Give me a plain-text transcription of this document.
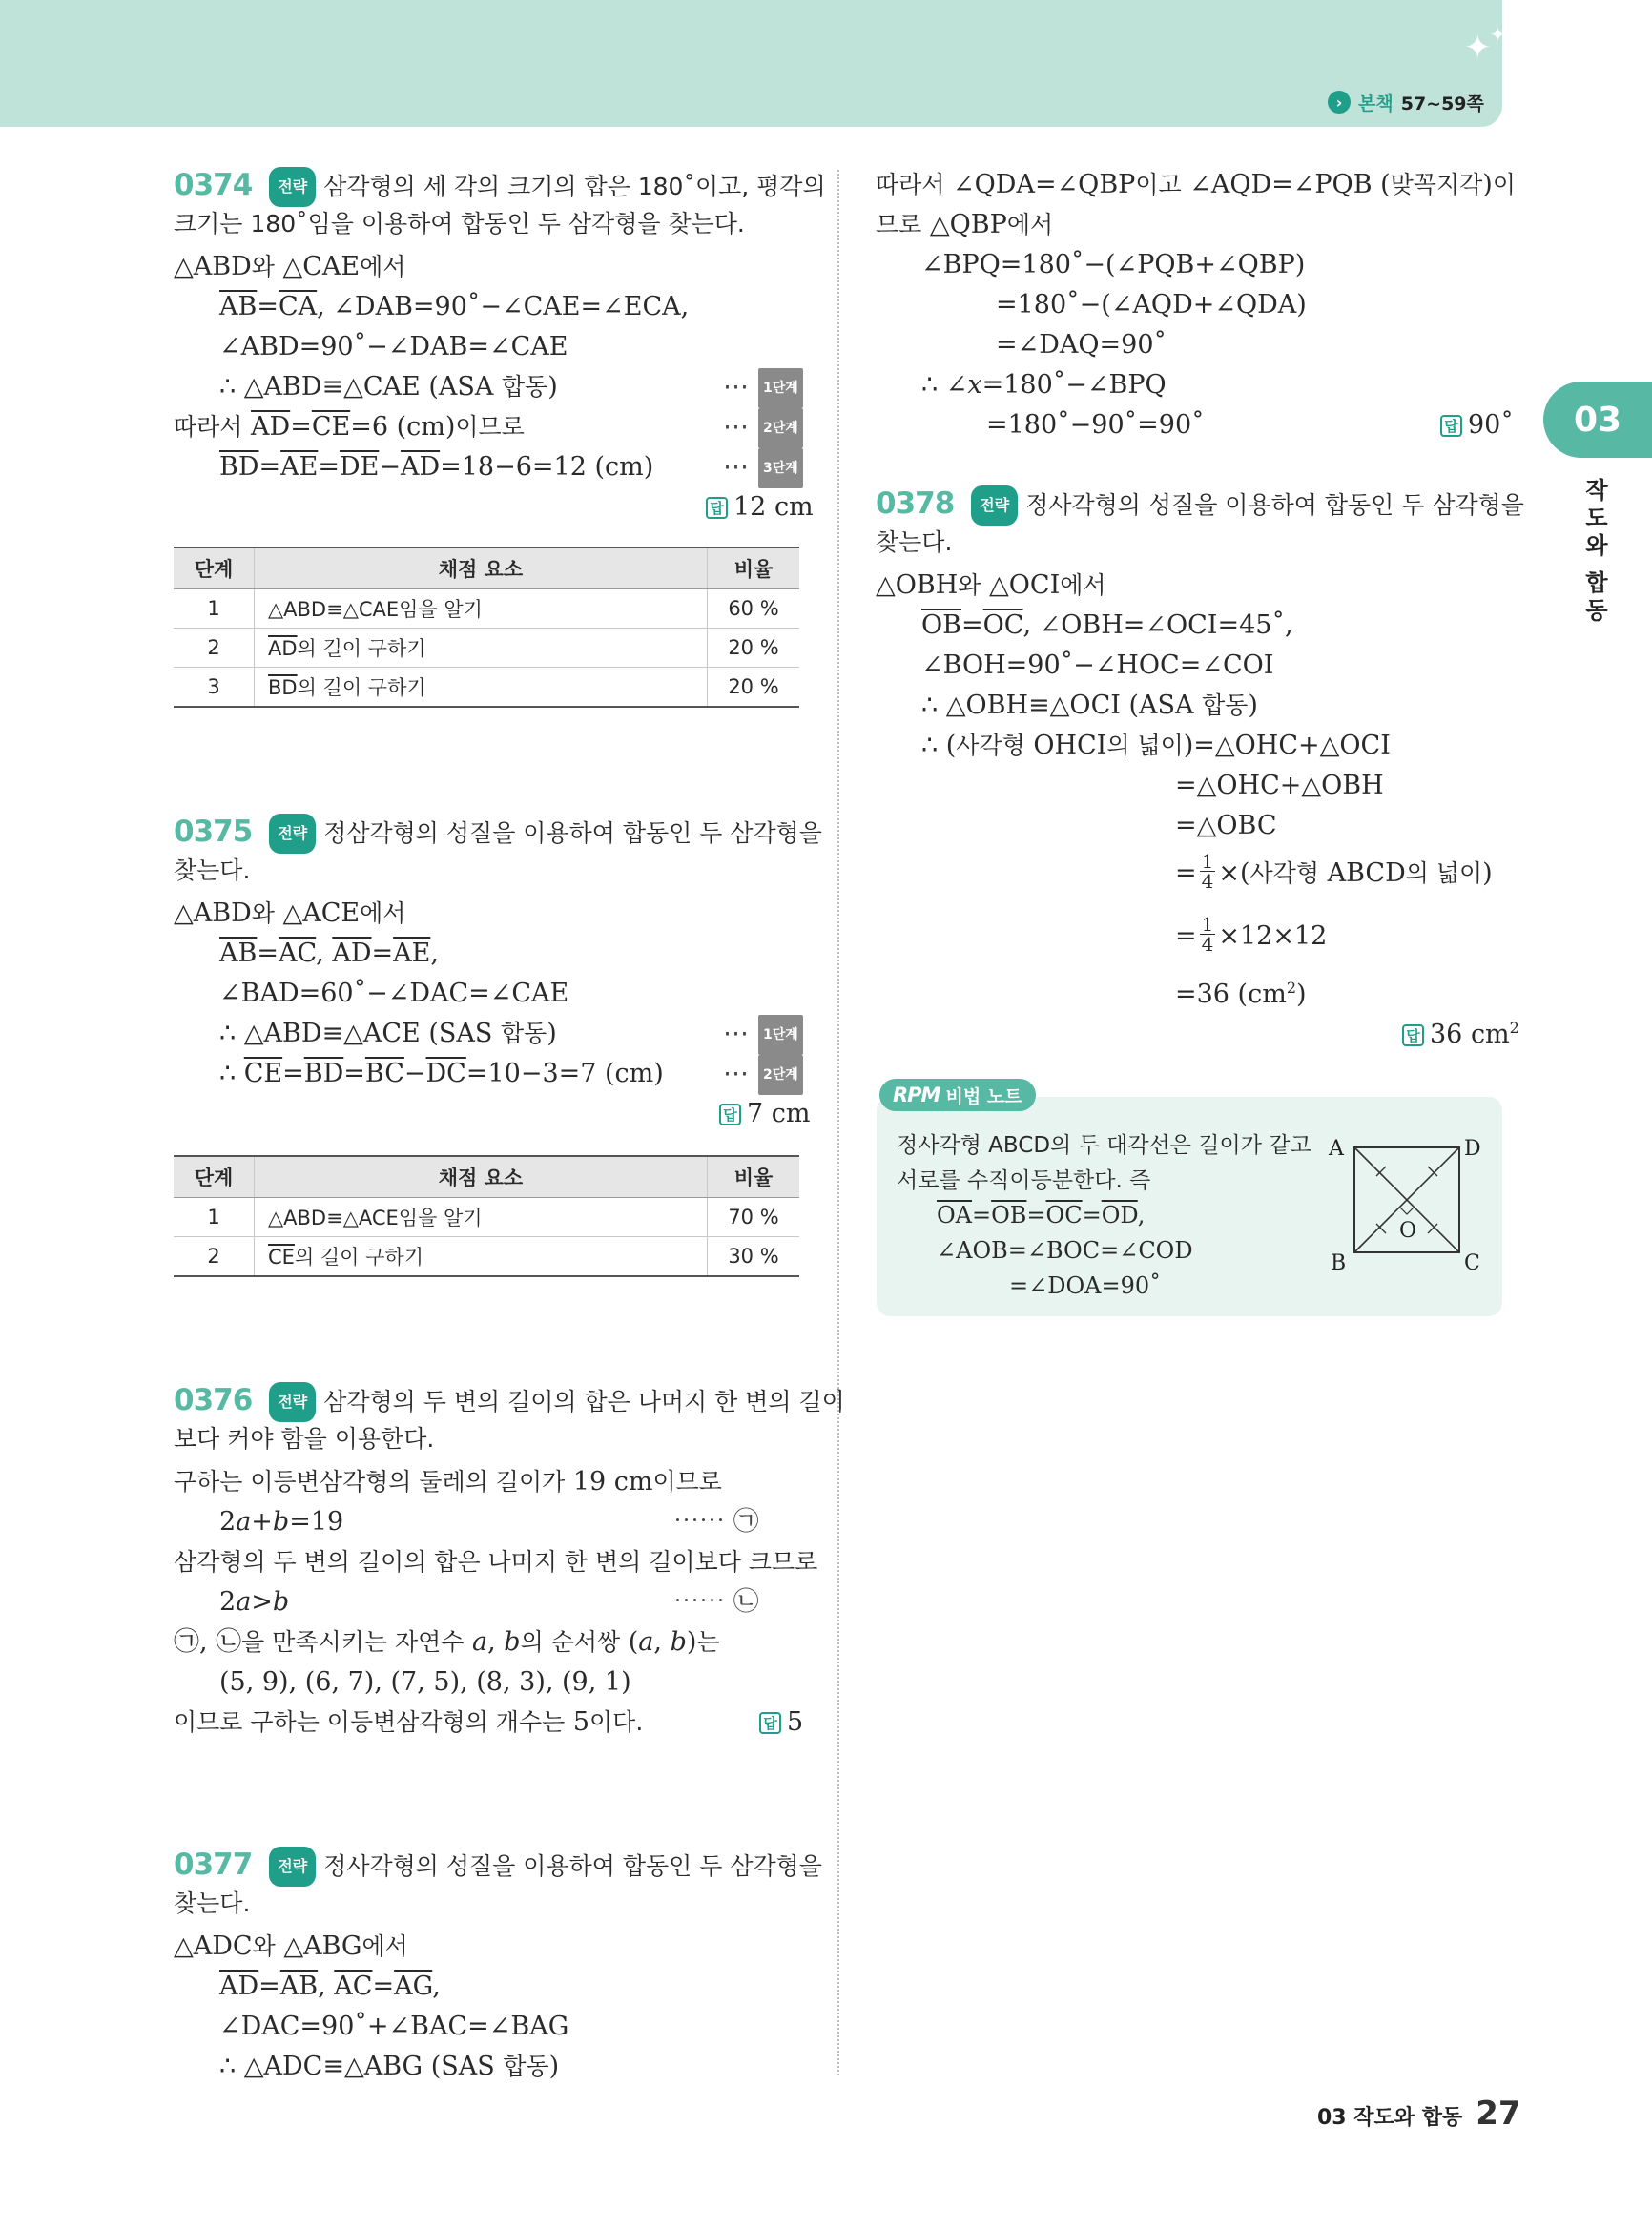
✦
✦
› 본책 57~59쪽
03
작
도
와
합
동
0374 전략 삼각형의 세 각의 크기의 합은 180˚이고, 평각의
크기는 180˚임을 이용하여 합동인 두 삼각형을 찾는다.
△ABD와 △CAE에서
$\overline{AB}=\overline{CA}$, ∠DAB=90˚−∠CAE=∠ECA,
∠ABD=90˚−∠DAB=∠CAE
∴ △ABD≡△CAE (ASA 합동)	⋯ 1단계
따라서 $\overline{AD}=\overline{CE}=6$ (cm)이므로	⋯ 2단계
$\overline{BD}=\overline{AE}=\overline{DE}-\overline{AD}=18-6=12$ (cm)	⋯ 3단계
답 12 cm
단계	채점 요소	비율
1	△ABD≡△CAE임을 알기	60 %
2	$\overline{AD}$의 길이 구하기	20 %
3	$\overline{BD}$의 길이 구하기	20 %
0375 전략 정삼각형의 성질을 이용하여 합동인 두 삼각형을
찾는다.
△ABD와 △ACE에서
$\overline{AB}=\overline{AC}$, $\overline{AD}=\overline{AE}$,
∠BAD=60˚−∠DAC=∠CAE
∴ △ABD≡△ACE (SAS 합동)	⋯ 1단계
∴ $\overline{CE}=\overline{BD}=\overline{BC}-\overline{DC}=10-3=7$ (cm) ⋯ 2단계
답 7 cm
단계	채점 요소	비율
1	△ABD≡△ACE임을 알기	70 %
2	$\overline{CE}$의 길이 구하기	30 %
0376 전략 삼각형의 두 변의 길이의 합은 나머지 한 변의 길이
보다 커야 함을 이용한다.
구하는 이등변삼각형의 둘레의 길이가 19 cm이므로
2a+b=19	⋯⋯ ㉠
삼각형의 두 변의 길이의 합은 나머지 한 변의 길이보다 크므로
2a>b	⋯⋯ ㉡
㉠, ㉡을 만족시키는 자연수 a, b의 순서쌍 (a, b)는
(5, 9), (6, 7), (7, 5), (8, 3), (9, 1)
이므로 구하는 이등변삼각형의 개수는 5이다.	답 5
0377 전략 정사각형의 성질을 이용하여 합동인 두 삼각형을
찾는다.
△ADC와 △ABG에서
$\overline{AD}=\overline{AB}$, $\overline{AC}=\overline{AG}$,
∠DAC=90˚+∠BAC=∠BAG
∴ △ADC≡△ABG (SAS 합동)
따라서 ∠QDA=∠QBP이고 ∠AQD=∠PQB (맞꼭지각)이
므로 △QBP에서
∠BPQ=180˚−(∠PQB+∠QBP)
=180˚−(∠AQD+∠QDA)
=∠DAQ=90˚
∴ ∠x=180˚−∠BPQ
=180˚−90˚=90˚	답 90˚
0378 전략 정사각형의 성질을 이용하여 합동인 두 삼각형을
찾는다.
△OBH와 △OCI에서
$\overline{OB}=\overline{OC}$, ∠OBH=∠OCI=45˚,
∠BOH=90˚−∠HOC=∠COI
∴ △OBH≡△OCI (ASA 합동)
∴ (사각형 OHCI의 넓이)=△OHC+△OCI
=△OHC+△OBH
=△OBC
= $\frac{1}{4}$ ×(사각형 ABCD의 넓이)
= $\frac{1}{4} \times 12\times 12$
=36 $(cm^2)$
답 36 $cm^2$
RPM 비법 노트
정사각형 ABCD의 두 대각선은 길이가 같고
서로를 수직이등분한다. 즉
$\overline{OA}=\overline{OB}=\overline{OC}=\overline{OD}$,
∠AOB=∠BOC=∠COD
=∠DOA=90˚
A	D
B	C
O
03 작도와 합동 27
